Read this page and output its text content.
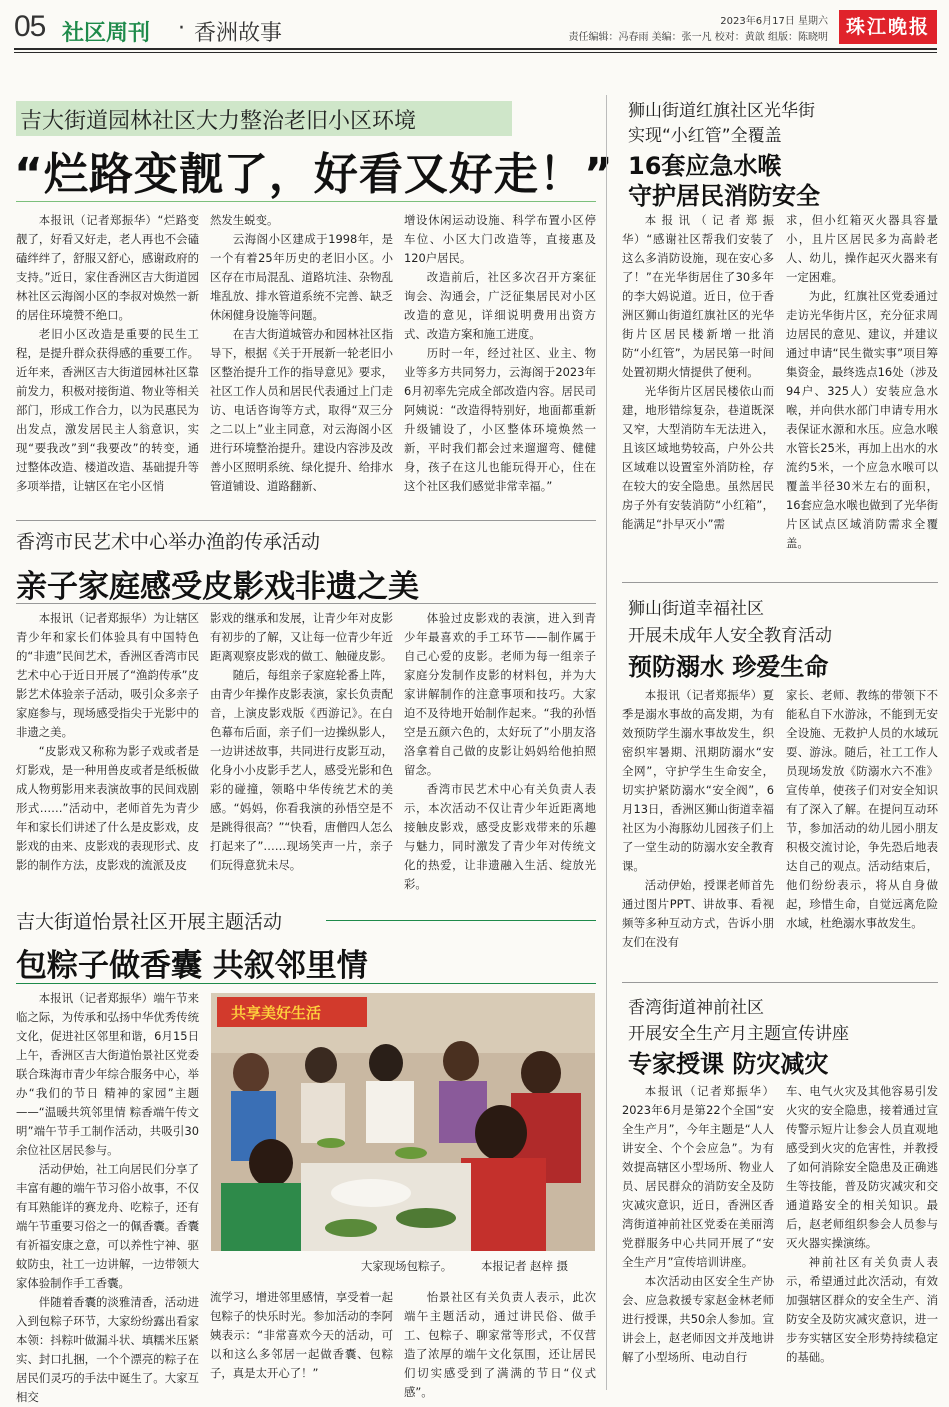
05 社区周刊 · 香洲故事	2023年6月17日 星期六
责任编辑：冯春雨 美编：张一凡 校对：黄歆 组版：陈晓明 珠江晚报
吉大街道园林社区大力整治老旧小区环境
“烂路变靓了，好看又好走！”

本报讯（记者郑振华）“烂路变靓了，好看又好走，老人再也不会磕磕绊绊了，舒服又舒心，感谢政府的支持。”近日，家住香洲区吉大街道园林社区云海阁小区的李叔对焕然一新的居住环境赞不绝口。

老旧小区改造是重要的民生工程，是提升群众获得感的重要工作。近年来，香洲区吉大街道园林社区靠前发力，积极对接街道、物业等相关部门，形成工作合力，以为民惠民为出发点，激发居民主人翁意识，实现“要我改”到“我要改”的转变，通过整体改造、楼道改造、基础提升等多项举措，让辖区在宅小区悄

然发生蜕变。

云海阁小区建成于1998年，是一个有着25年历史的老旧小区。小区存在市局混乱、道路坑洼、杂物乱堆乱放、排水管道系统不完善、缺乏休闲健身设施等问题。

在吉大街道城管办和园林社区指导下，根据《关于开展新一轮老旧小区整治提升工作的指导意见》要求，社区工作人员和居民代表通过上门走访、电话咨询等方式，取得“双三分之二以上”业主同意，对云海阁小区进行环境整治提升。建设内容涉及改善小区照明系统、绿化提升、给排水管道铺设、道路翻新、

增设休闲运动设施、科学布置小区停车位、小区大门改造等，直接惠及120户居民。

改造前后，社区多次召开方案征询会、沟通会，广泛征集居民对小区改造的意见，详细说明费用出资方式、改造方案和施工进度。

历时一年，经过社区、业主、物业等多方共同努力，云海阁于2023年6月初率先完成全部改造内容。居民司阿姨说：“改造得特别好，地面都重新升级铺设了，小区整体环境焕然一新，平时我们都会过来遛遛弯、健健身，孩子在这儿也能玩得开心，住在这个社区我们感觉非常幸福。”

香湾市民艺术中心举办渔韵传承活动
亲子家庭感受皮影戏非遗之美

本报讯（记者郑振华）为让辖区青少年和家长们体验具有中国特色的“非遗”民间艺术，香洲区香湾市民艺术中心于近日开展了“渔韵传承”皮影艺术体验亲子活动，吸引众多亲子家庭参与，现场感受指尖于光影中的非遗之美。

“皮影戏又称称为影子戏或者是灯影戏，是一种用兽皮或者是纸板做成人物剪影用来表演故事的民间戏剧形式……”活动中，老师首先为青少年和家长们讲述了什么是皮影戏，皮影戏的由来、皮影戏的表现形式、皮影的制作方法，皮影戏的流派及皮

影戏的继承和发展，让青少年对皮影有初步的了解，又让每一位青少年近距离观察皮影戏的做工、触碰皮影。

随后，每组亲子家庭轮番上阵，由青少年操作皮影表演，家长负责配音，上演皮影戏版《西游记》。在白色幕布后面，亲子们一边操纵影人，一边讲述故事，共同进行皮影互动，化身小小皮影手艺人，感受光影和色彩的碰撞，领略中华传统艺术的美感。“妈妈，你看我演的孙悟空是不是跳得很高？”“快看，唐僧四人怎么打起来了”……现场笑声一片，亲子们玩得意犹未尽。

体验过皮影戏的表演，进入到青少年最喜欢的手工环节——制作属于自己心爱的皮影。老师为每一组亲子家庭分发制作皮影的材料包，并为大家讲解制作的注意事项和技巧。大家迫不及待地开始制作起来。“我的孙悟空是五颜六色的，太好玩了”小朋友洛洛拿着自己做的皮影让妈妈给他拍照留念。

香湾市民艺术中心有关负责人表示，本次活动不仅让青少年近距离地接触皮影戏，感受皮影戏带来的乐趣与魅力，同时激发了青少年对传统文化的热爱，让非遗融入生活、绽放光彩。

吉大街道怡景社区开展主题活动
包粽子做香囊 共叙邻里情

本报讯（记者郑振华）端午节来临之际，为传承和弘扬中华优秀传统文化，促进社区邻里和谐，6月15日上午，香洲区吉大街道怡景社区党委联合珠海市青少年综合服务中心，举办“我们的节日 精神的家园”主题——“温暖共筑邻里情 粽香端午传文明”端午节手工制作活动，共吸引30余位社区居民参与。

活动伊始，社工向居民们分享了丰富有趣的端午节习俗小故事，不仅有耳熟能详的赛龙舟、吃粽子，还有端午节重要习俗之一的佩香囊。香囊有祈福安康之意，可以养性宁神、驱蚊防虫，社工一边讲解，一边带领大家体验制作手工香囊。

伴随着香囊的淡雅清香，活动进入到包粽子环节，大家纷纷露出看家本领：抖粽叶做漏斗状、填糯米压紧实、封口扎捆，一个个漂亮的粽子在居民们灵巧的手法中诞生了。大家互相交

共享美好生活
大家现场包粽子。	本报记者 赵梓 摄

流学习，增进邻里感情，享受着一起包粽子的快乐时光。参加活动的李阿姨表示：“非常喜欢今天的活动，可以和这么多邻居一起做香囊、包粽子，真是太开心了！”

怡景社区有关负责人表示，此次端午主题活动，通过讲民俗、做手工、包粽子、聊家常等形式，不仅营造了浓厚的端午文化氛围，还让居民们切实感受到了满满的节日“仪式感”。

狮山街道红旗社区光华街
实现“小红管”全覆盖
16套应急水喉
守护居民消防安全

本报讯（记者郑振华）“感谢社区帮我们安装了这么多消防设施，现在安心多了！”在光华街居住了30多年的李大妈说道。近日，位于香洲区狮山街道红旗社区的光华街片区居民楼新增一批消防“小红管”，为居民第一时间处置初期火情提供了便利。

光华街片区居民楼依山而建，地形错综复杂，巷道既深又窄，大型消防车无法进入，且该区域地势较高，户外公共区域难以设置室外消防栓，存在较大的安全隐患。虽然居民房子外有安装消防“小红箱”，能满足“扑早灭小”需

求，但小红箱灭火器具容量小，且片区居民多为高龄老人、幼儿，操作起灭火器来有一定困难。

为此，红旗社区党委通过走访光华街片区，充分征求周边居民的意见、建议，并建议通过申请“民生微实事”项目筹集资金，最终选点16处（涉及94户、325人）安装应急水喉，并向供水部门申请专用水表保证水源和水压。应急水喉水管长25米，再加上出水的水流约5米，一个应急水喉可以覆盖半径30米左右的面积，16套应急水喉也做到了光华街片区试点区域消防需求全覆盖。

狮山街道幸福社区
开展未成年人安全教育活动
预防溺水 珍爱生命

本报讯（记者郑振华）夏季是溺水事故的高发期，为有效预防学生溺水事故发生，织密织牢暑期、汛期防溺水“安全网”，守护学生生命安全，切实护紧防溺水“安全阀”，6月13日，香洲区狮山街道幸福社区为小海豚幼儿园孩子们上了一堂生动的防溺水安全教育课。

活动伊始，授课老师首先通过图片PPT、讲故事、看视频等多种互动方式，告诉小朋友们在没有

家长、老师、教练的带领下不能私自下水游泳，不能到无安全设施、无救护人员的水域玩耍、游泳。随后，社工工作人员现场发放《防溺水六不准》宣传单，使孩子们对安全知识有了深入了解。在提问互动环节，参加活动的幼儿园小朋友积极交流讨论，争先恐后地表达自己的观点。活动结束后，他们纷纷表示，将从自身做起，珍惜生命，自觉远离危险水域，杜绝溺水事故发生。

香湾街道神前社区
开展安全生产月主题宣传讲座
专家授课 防灾减灾

本报讯（记者郑振华）2023年6月是第22个全国“安全生产月”，今年主题是“人人讲安全、个个会应急”。为有效提高辖区小型场所、物业人员、居民群众的消防安全及防灾减灾意识，近日，香洲区香湾街道神前社区党委在美丽湾党群服务中心共同开展了“安全生产月”宣传培训讲座。

本次活动由区安全生产协会、应急救援专家赵金林老师进行授课，共50余人参加。宣讲会上，赵老师因文并茂地讲解了小型场所、电动自行

车、电气火灾及其他容易引发火灾的安全隐患，接着通过宣传警示短片让参会人员直观地感受到火灾的危害性，并教授了如何消除安全隐患及正确逃生等技能，普及防灾减灾和交通道路安全的相关知识。最后，赵老师组织参会人员参与灭火器实操演练。

神前社区有关负责人表示，希望通过此次活动，有效加强辖区群众的安全生产、消防安全及防灾减灾意识，进一步夯实辖区安全形势持续稳定的基础。
